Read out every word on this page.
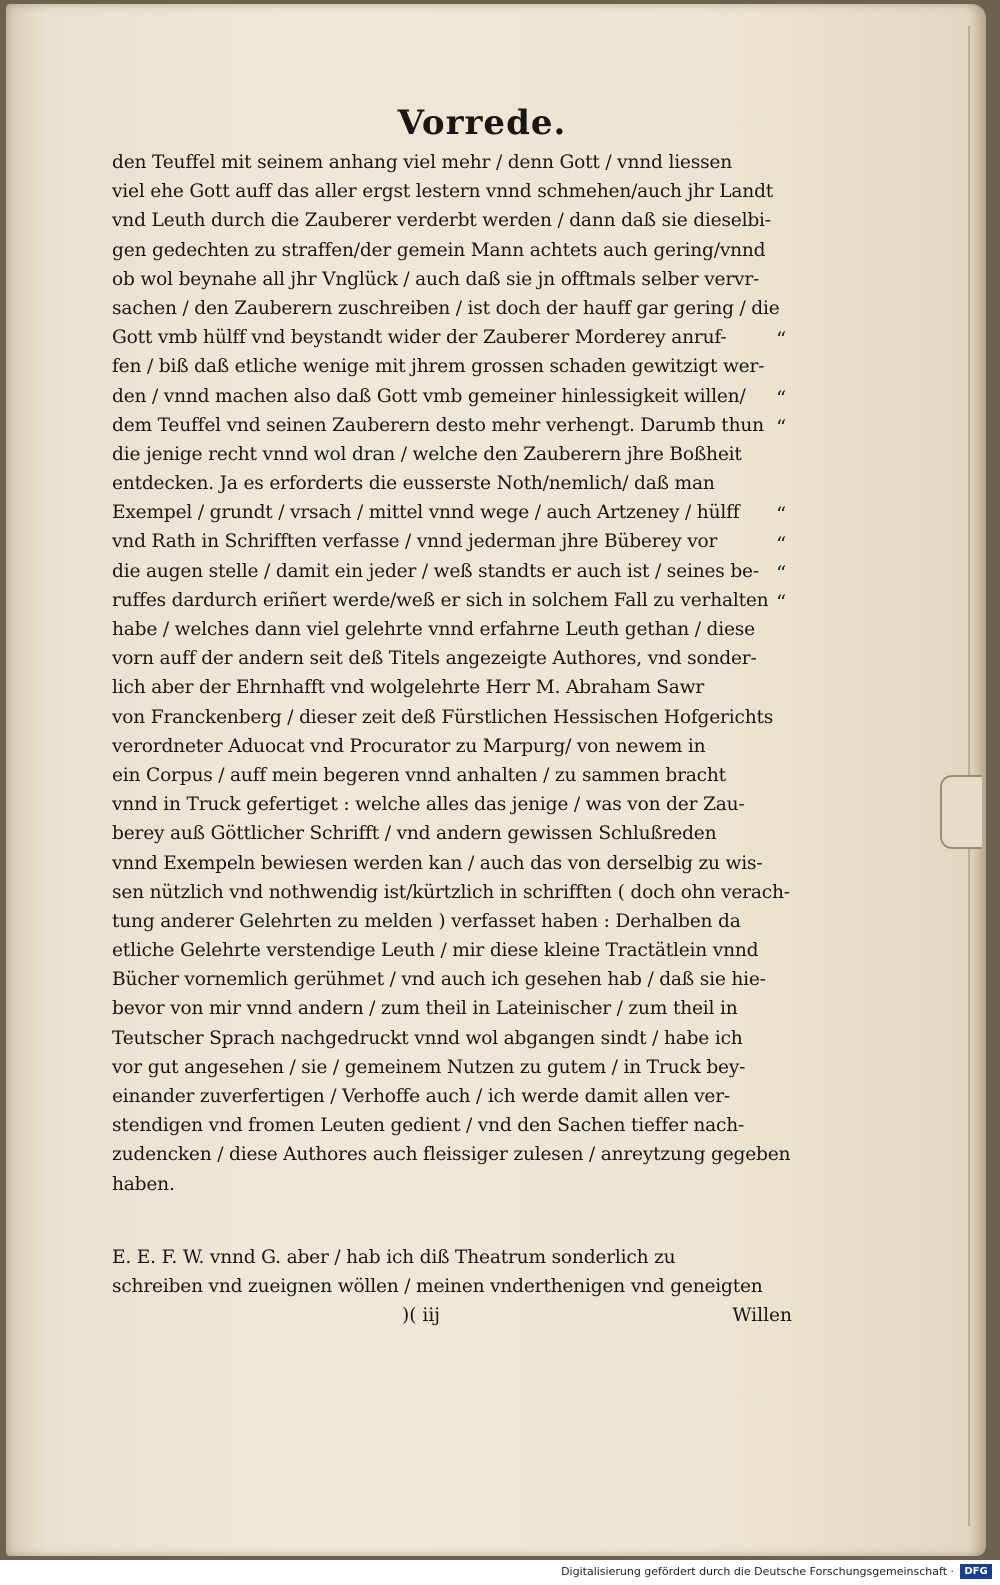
Vorrede.
den Teuffel mit seinem anhang viel mehr / denn Gott / vnnd liessen
viel ehe Gott auff das aller ergst lestern vnnd schmehen/auch jhr Landt
vnd Leuth durch die Zauberer verderbt werden / dann daß sie dieselbi-
gen gedechten zu straffen/der gemein Mann achtets auch gering/vnnd
ob wol beynahe all jhr Vnglück / auch daß sie jn offtmals selber vervr-
sachen / den Zauberern zuschreiben / ist doch der hauff gar gering / die
Gott vmb hülff vnd beystandt wider der Zauberer Morderey anruf-
fen / biß daß etliche wenige mit jhrem grossen schaden gewitzigt wer-
den / vnnd machen also daß Gott vmb gemeiner hinlessigkeit willen/
dem Teuffel vnd seinen Zauberern desto mehr verhengt. Darumb thun
die jenige recht vnnd wol dran / welche den Zauberern jhre Boßheit
entdecken. Ja es erforderts die eusserste Noth/nemlich/ daß man
Exempel / grundt / vrsach / mittel vnnd wege / auch Artzeney / hülff
vnd Rath in Schrifften verfasse / vnnd jederman jhre Büberey vor
die augen stelle / damit ein jeder / weß standts er auch ist / seines be-
ruffes dardurch eriñert werde/weß er sich in solchem Fall zu verhalten
habe / welches dann viel gelehrte vnnd erfahrne Leuth gethan / diese
vorn auff der andern seit deß Titels angezeigte Authores, vnd sonder-
lich aber der Ehrnhafft vnd wolgelehrte Herr M. Abraham Sawr
von Franckenberg / dieser zeit deß Fürstlichen Hessischen Hofgerichts
verordneter Aduocat vnd Procurator zu Marpurg/ von newem in
ein Corpus / auff mein begeren vnnd anhalten / zu sammen bracht
vnnd in Truck gefertiget : welche alles das jenige / was von der Zau-
berey auß Göttlicher Schrifft / vnd andern gewissen Schlußreden
vnnd Exempeln bewiesen werden kan / auch das von derselbig zu wis-
sen nützlich vnd nothwendig ist/kürtzlich in schrifften ( doch ohn verach-
tung anderer Gelehrten zu melden ) verfasset haben : Derhalben da
etliche Gelehrte verstendige Leuth / mir diese kleine Tractätlein vnnd
Bücher vornemlich gerühmet / vnd auch ich gesehen hab / daß sie hie-
bevor von mir vnnd andern / zum theil in Lateinischer / zum theil in
Teutscher Sprach nachgedruckt vnnd wol abgangen sindt / habe ich
vor gut angesehen / sie / gemeinem Nutzen zu gutem / in Truck bey-
einander zuverfertigen / Verhoffe auch / ich werde damit allen ver-
stendigen vnd fromen Leuten gedient / vnd den Sachen tieffer nach-
zudencken / diese Authores auch fleissiger zulesen / anreytzung gegeben
haben.
E. E. F. W. vnnd G. aber / hab ich diß Theatrum sonderlich zu
schreiben vnd zueignen wöllen / meinen vnderthenigen vnd geneigten
)( iij	Willen
“
“
“
“
“
“
“
Digitalisierung gefördert durch die Deutsche Forschungsgemeinschaft ·	DFG
